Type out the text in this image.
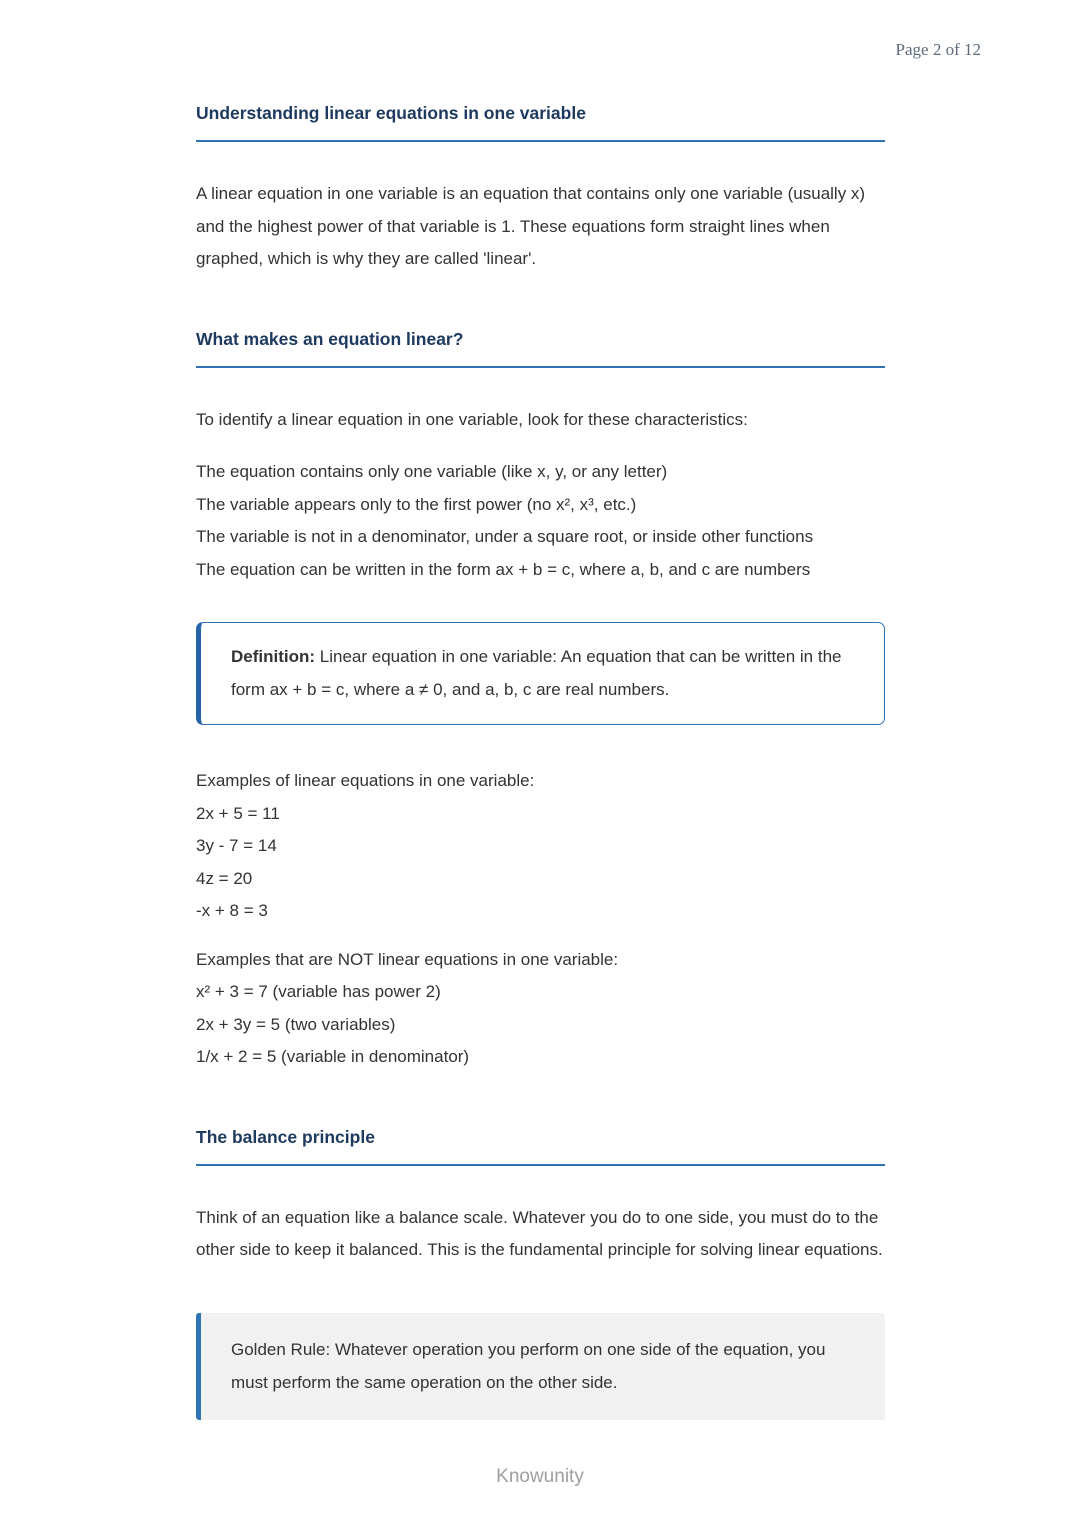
Page 2 of 12
Understanding linear equations in one variable

A linear equation in one variable is an equation that contains only one variable (usually x) and the highest power of that variable is 1. These equations form straight lines when graphed, which is why they are called 'linear'.

What makes an equation linear?

To identify a linear equation in one variable, look for these characteristics:

The equation contains only one variable (like x, y, or any letter)

The variable appears only to the first power (no x², x³, etc.)

The variable is not in a denominator, under a square root, or inside other functions

The equation can be written in the form ax + b = c, where a, b, and c are numbers

Definition: Linear equation in one variable: An equation that can be written in the form ax + b = c, where a ≠ 0, and a, b, c are real numbers.

Examples of linear equations in one variable:

2x + 5 = 11

3y - 7 = 14

4z = 20

-x + 8 = 3

Examples that are NOT linear equations in one variable:

x² + 3 = 7 (variable has power 2)

2x + 3y = 5 (two variables)

1/x + 2 = 5 (variable in denominator)

The balance principle

Think of an equation like a balance scale. Whatever you do to one side, you must do to the other side to keep it balanced. This is the fundamental principle for solving linear equations.

Golden Rule: Whatever operation you perform on one side of the equation, you must perform the same operation on the other side.

Knowunity
